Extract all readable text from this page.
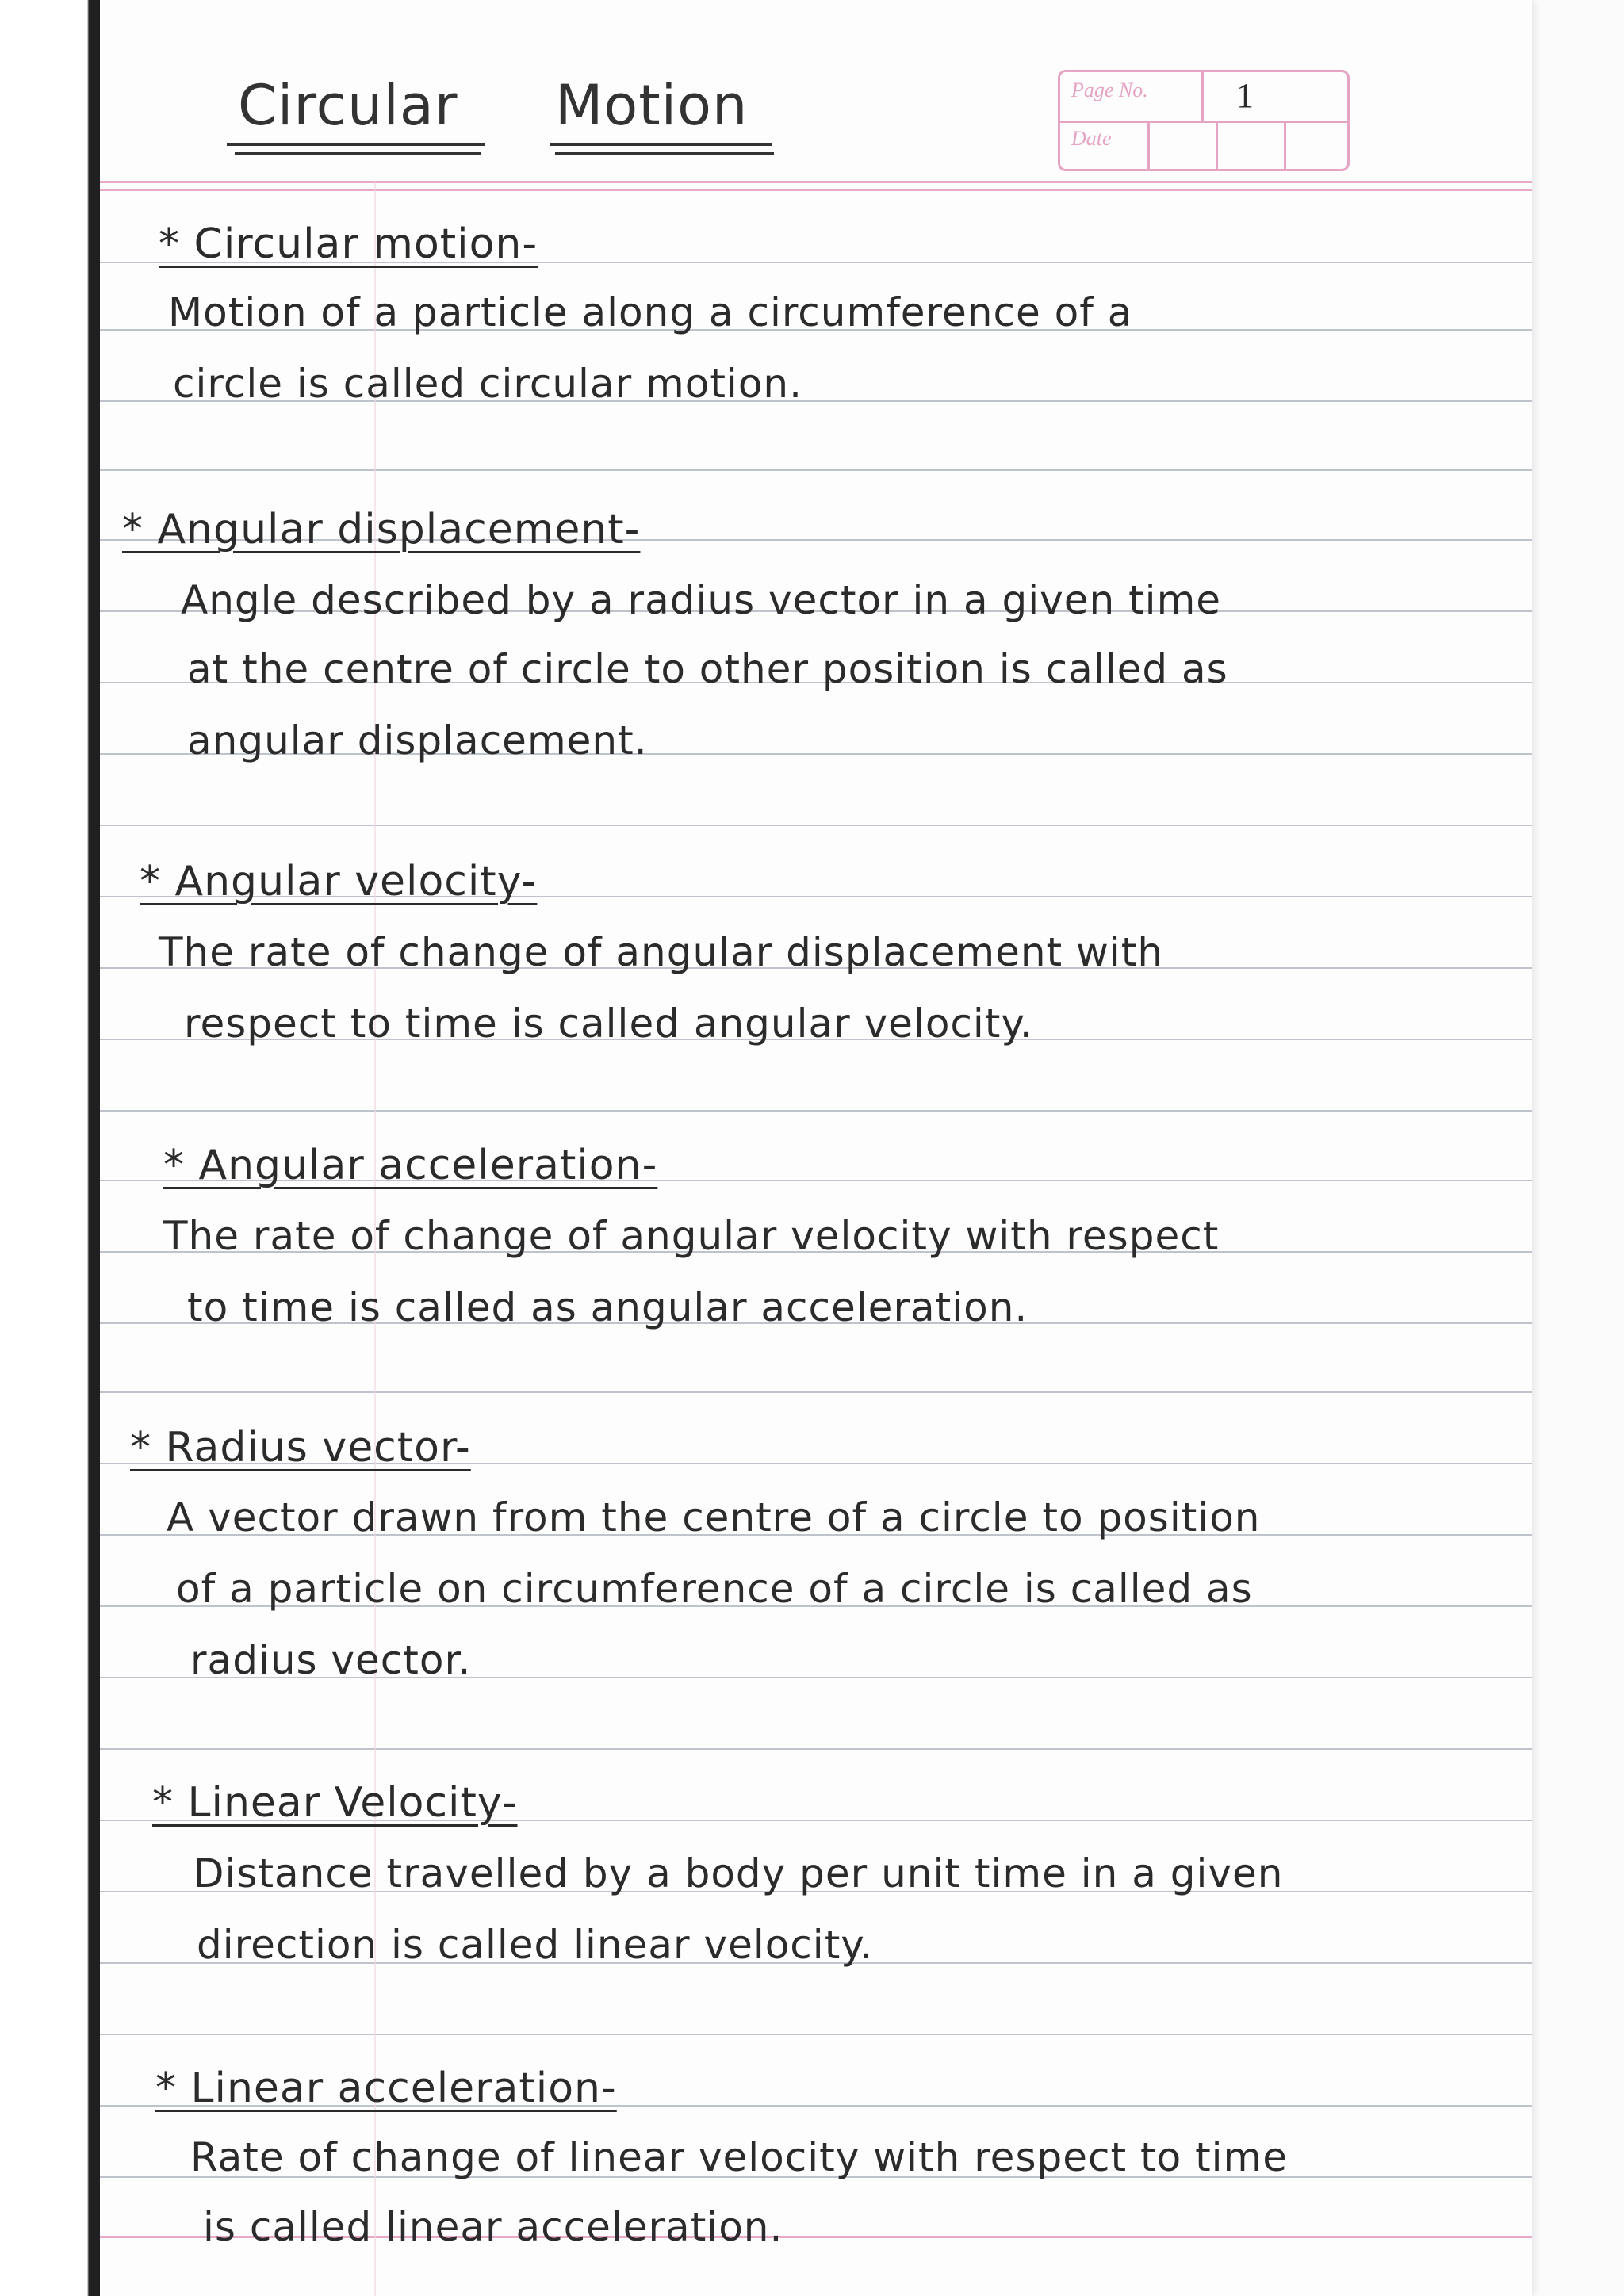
Page No.	1
Date
Circular Motion
* Circular motion-
Motion of a particle along a circumference of a
circle is called circular motion.
* Angular displacement-
Angle described by a radius vector in a given time
at the centre of circle to other position is called as
angular displacement.
* Angular velocity-
The rate of change of angular displacement with
respect to time is called angular velocity.
* Angular acceleration-
The rate of change of angular velocity with respect
to time is called as angular acceleration.
* Radius vector-
A vector drawn from the centre of a circle to position
of a particle on circumference of a circle is called as
radius vector.
* Linear Velocity-
Distance travelled by a body per unit time in a given
direction is called linear velocity.
* Linear acceleration-
Rate of change of linear velocity with respect to time
is called linear acceleration.
